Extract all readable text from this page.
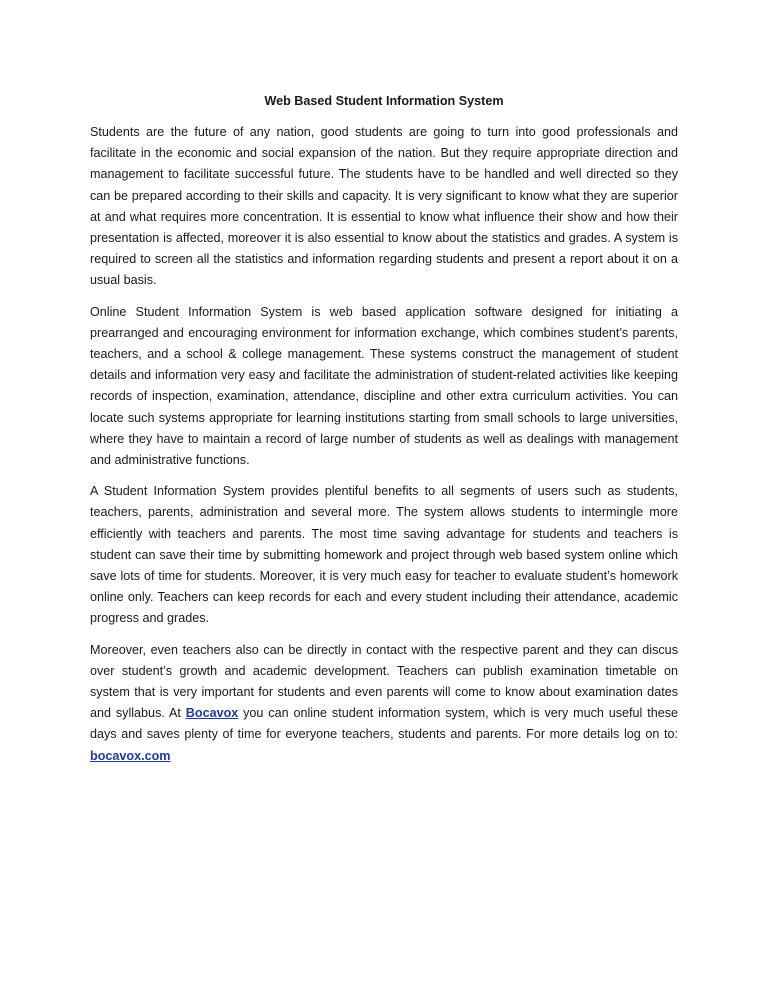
Web Based Student Information System

Students are the future of any nation, good students are going to turn into good professionals and facilitate in the economic and social expansion of the nation. But they require appropriate direction and management to facilitate successful future. The students have to be handled and well directed so they can be prepared according to their skills and capacity. It is very significant to know what they are superior at and what requires more concentration. It is essential to know what influence their show and how their presentation is affected, moreover it is also essential to know about the statistics and grades. A system is required to screen all the statistics and information regarding students and present a report about it on a usual basis.

Online Student Information System is web based application software designed for initiating a prearranged and encouraging environment for information exchange, which combines student’s parents, teachers, and a school & college management. These systems construct the management of student details and information very easy and facilitate the administration of student-related activities like keeping records of inspection, examination, attendance, discipline and other extra curriculum activities. You can locate such systems appropriate for learning institutions starting from small schools to large universities, where they have to maintain a record of large number of students as well as dealings with management and administrative functions.

A Student Information System provides plentiful benefits to all segments of users such as students, teachers, parents, administration and several more. The system allows students to intermingle more efficiently with teachers and parents. The most time saving advantage for students and teachers is student can save their time by submitting homework and project through web based system online which save lots of time for students. Moreover, it is very much easy for teacher to evaluate student’s homework online only. Teachers can keep records for each and every student including their attendance, academic progress and grades.

Moreover, even teachers also can be directly in contact with the respective parent and they can discus over student’s growth and academic development. Teachers can publish examination timetable on system that is very important for students and even parents will come to know about examination dates and syllabus. At Bocavox you can online student information system, which is very much useful these days and saves plenty of time for everyone teachers, students and parents. For more details log on to: bocavox.com
